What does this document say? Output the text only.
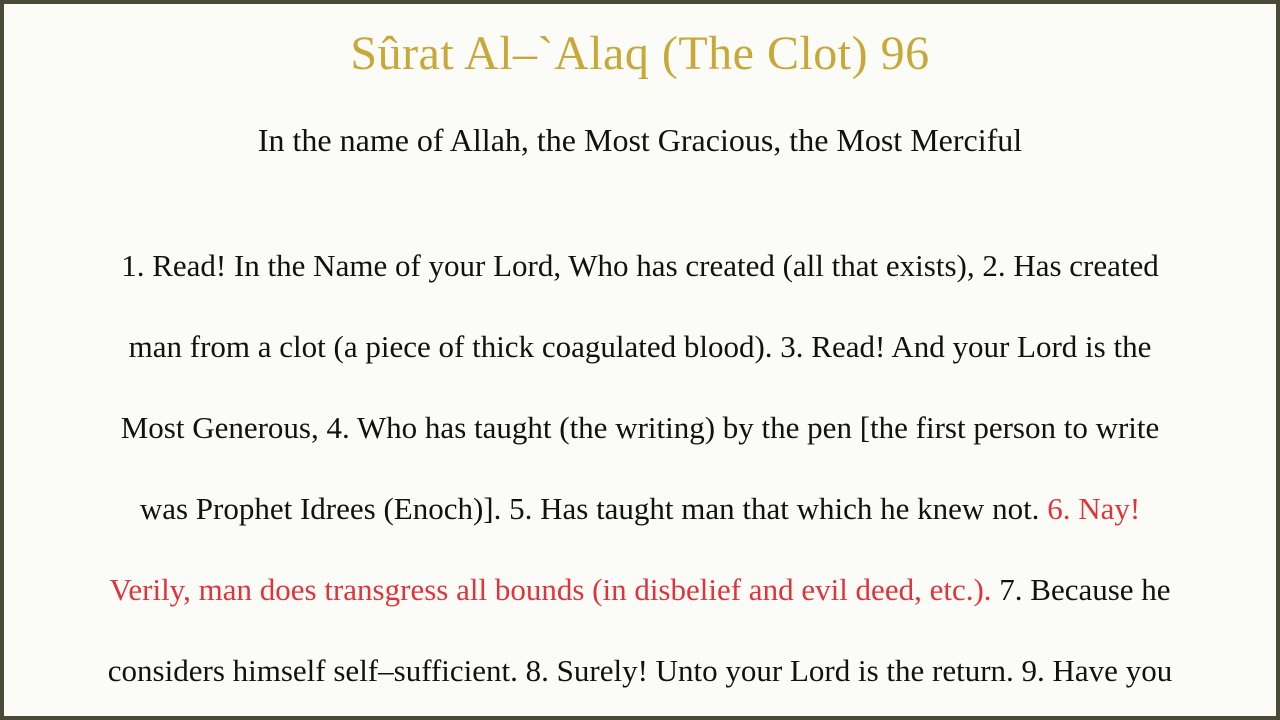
Sûrat Al–`Alaq (The Clot) 96
In the name of Allah, the Most Gracious, the Most Merciful
1. Read! In the Name of your Lord, Who has created (all that exists), 2. Has created
man from a clot (a piece of thick coagulated blood). 3. Read! And your Lord is the
Most Generous, 4. Who has taught (the writing) by the pen [the first person to write
was Prophet Idrees (Enoch)]. 5. Has taught man that which he knew not. 6. Nay!
Verily, man does transgress all bounds (in disbelief and evil deed, etc.). 7. Because he
considers himself self–sufficient. 8. Surely! Unto your Lord is the return. 9. Have you
